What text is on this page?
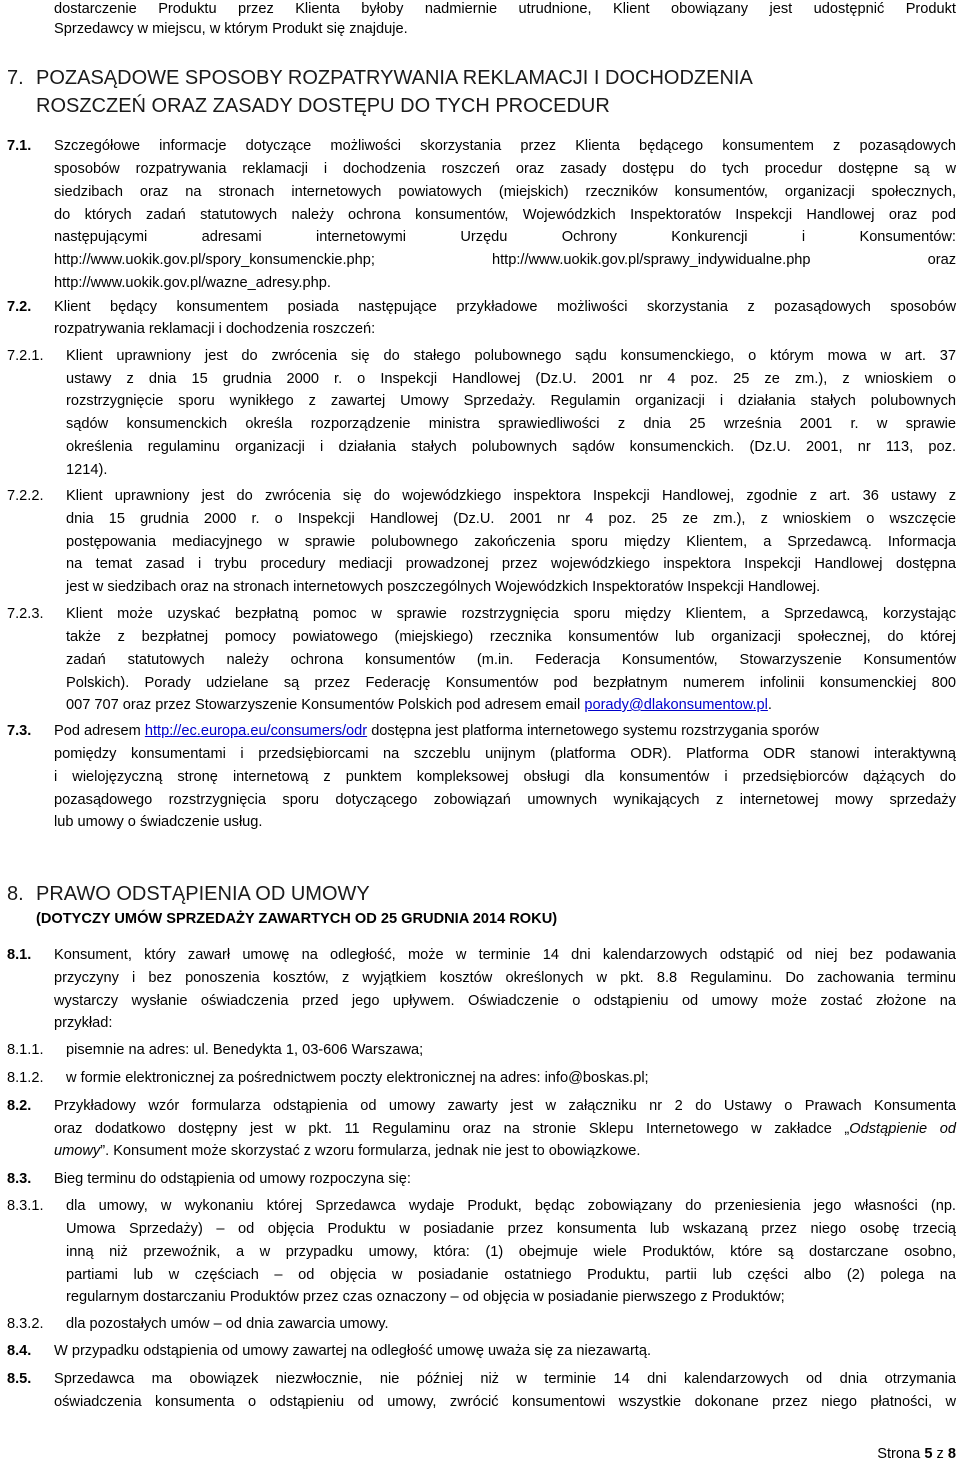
dostarczenie Produktu przez Klienta byłoby nadmiernie utrudnione, Klient obowiązany jest udostępnić Produkt
Sprzedawcy w miejscu, w którym Produkt się znajduje.
7. POZASĄDOWE SPOSOBY ROZPATRYWANIA REKLAMACJI I DOCHODZENIA
ROSZCZEŃ ORAZ ZASADY DOSTĘPU DO TYCH PROCEDUR
7.1. Szczegółowe informacje dotyczące możliwości skorzystania przez Klienta będącego konsumentem z pozasądowych
sposobów rozpatrywania reklamacji i dochodzenia roszczeń oraz zasady dostępu do tych procedur dostępne są w
siedzibach oraz na stronach internetowych powiatowych (miejskich) rzeczników konsumentów, organizacji społecznych,
do których zadań statutowych należy ochrona konsumentów, Wojewódzkich Inspektoratów Inspekcji Handlowej oraz pod
następującymi adresami internetowymi Urzędu Ochrony Konkurencji i Konsumentów:
http://www.uokik.gov.pl/spory_konsumenckie.php; http://www.uokik.gov.pl/sprawy_indywidualne.php oraz
http://www.uokik.gov.pl/wazne_adresy.php.
7.2. Klient będący konsumentem posiada następujące przykładowe możliwości skorzystania z pozasądowych sposobów
rozpatrywania reklamacji i dochodzenia roszczeń:
7.2.1. Klient uprawniony jest do zwrócenia się do stałego polubownego sądu konsumenckiego, o którym mowa w art. 37
ustawy z dnia 15 grudnia 2000 r. o Inspekcji Handlowej (Dz.U. 2001 nr 4 poz. 25 ze zm.), z wnioskiem o
rozstrzygnięcie sporu wynikłego z zawartej Umowy Sprzedaży. Regulamin organizacji i działania stałych polubownych
sądów konsumenckich określa rozporządzenie ministra sprawiedliwości z dnia 25 września 2001 r. w sprawie
określenia regulaminu organizacji i działania stałych polubownych sądów konsumenckich. (Dz.U. 2001, nr 113, poz.
1214).
7.2.2. Klient uprawniony jest do zwrócenia się do wojewódzkiego inspektora Inspekcji Handlowej, zgodnie z art. 36 ustawy z
dnia 15 grudnia 2000 r. o Inspekcji Handlowej (Dz.U. 2001 nr 4 poz. 25 ze zm.), z wnioskiem o wszczęcie
postępowania mediacyjnego w sprawie polubownego zakończenia sporu między Klientem, a Sprzedawcą. Informacja
na temat zasad i trybu procedury mediacji prowadzonej przez wojewódzkiego inspektora Inspekcji Handlowej dostępna
jest w siedzibach oraz na stronach internetowych poszczególnych Wojewódzkich Inspektoratów Inspekcji Handlowej.
7.2.3. Klient może uzyskać bezpłatną pomoc w sprawie rozstrzygnięcia sporu między Klientem, a Sprzedawcą, korzystając
także z bezpłatnej pomocy powiatowego (miejskiego) rzecznika konsumentów lub organizacji społecznej, do której
zadań statutowych należy ochrona konsumentów (m.in. Federacja Konsumentów, Stowarzyszenie Konsumentów
Polskich). Porady udzielane są przez Federację Konsumentów pod bezpłatnym numerem infolinii konsumenckiej 800
007 707 oraz przez Stowarzyszenie Konsumentów Polskich pod adresem email porady@dlakonsumentow.pl.
7.3. Pod adresem http://ec.europa.eu/consumers/odr dostępna jest platforma internetowego systemu rozstrzygania sporów
pomiędzy konsumentami i przedsiębiorcami na szczeblu unijnym (platforma ODR). Platforma ODR stanowi interaktywną
i wielojęzyczną stronę internetową z punktem kompleksowej obsługi dla konsumentów i przedsiębiorców dążących do
pozasądowego rozstrzygnięcia sporu dotyczącego zobowiązań umownych wynikających z internetowej mowy sprzedaży
lub umowy o świadczenie usług.
8. PRAWO ODSTĄPIENIA OD UMOWY
(DOTYCZY UMÓW SPRZEDAŻY ZAWARTYCH OD 25 GRUDNIA 2014 ROKU)
8.1. Konsument, który zawarł umowę na odległość, może w terminie 14 dni kalendarzowych odstąpić od niej bez podawania
przyczyny i bez ponoszenia kosztów, z wyjątkiem kosztów określonych w pkt. 8.8 Regulaminu. Do zachowania terminu
wystarczy wysłanie oświadczenia przed jego upływem. Oświadczenie o odstąpieniu od umowy może zostać złożone na
przykład:
8.1.1. pisemnie na adres: ul. Benedykta 1, 03-606 Warszawa;
8.1.2. w formie elektronicznej za pośrednictwem poczty elektronicznej na adres: info@boskas.pl;
8.2. Przykładowy wzór formularza odstąpienia od umowy zawarty jest w załączniku nr 2 do Ustawy o Prawach Konsumenta
oraz dodatkowo dostępny jest w pkt. 11 Regulaminu oraz na stronie Sklepu Internetowego w zakładce „Odstąpienie od
umowy”. Konsument może skorzystać z wzoru formularza, jednak nie jest to obowiązkowe.
8.3. Bieg terminu do odstąpienia od umowy rozpoczyna się:
8.3.1. dla umowy, w wykonaniu której Sprzedawca wydaje Produkt, będąc zobowiązany do przeniesienia jego własności (np.
Umowa Sprzedaży) – od objęcia Produktu w posiadanie przez konsumenta lub wskazaną przez niego osobę trzecią
inną niż przewoźnik, a w przypadku umowy, która: (1) obejmuje wiele Produktów, które są dostarczane osobno,
partiami lub w częściach – od objęcia w posiadanie ostatniego Produktu, partii lub części albo (2) polega na
regularnym dostarczaniu Produktów przez czas oznaczony – od objęcia w posiadanie pierwszego z Produktów;
8.3.2. dla pozostałych umów – od dnia zawarcia umowy.
8.4. W przypadku odstąpienia od umowy zawartej na odległość umowę uważa się za niezawartą.
8.5. Sprzedawca ma obowiązek niezwłocznie, nie później niż w terminie 14 dni kalendarzowych od dnia otrzymania
oświadczenia konsumenta o odstąpieniu od umowy, zwrócić konsumentowi wszystkie dokonane przez niego płatności, w
Strona 5 z 8
